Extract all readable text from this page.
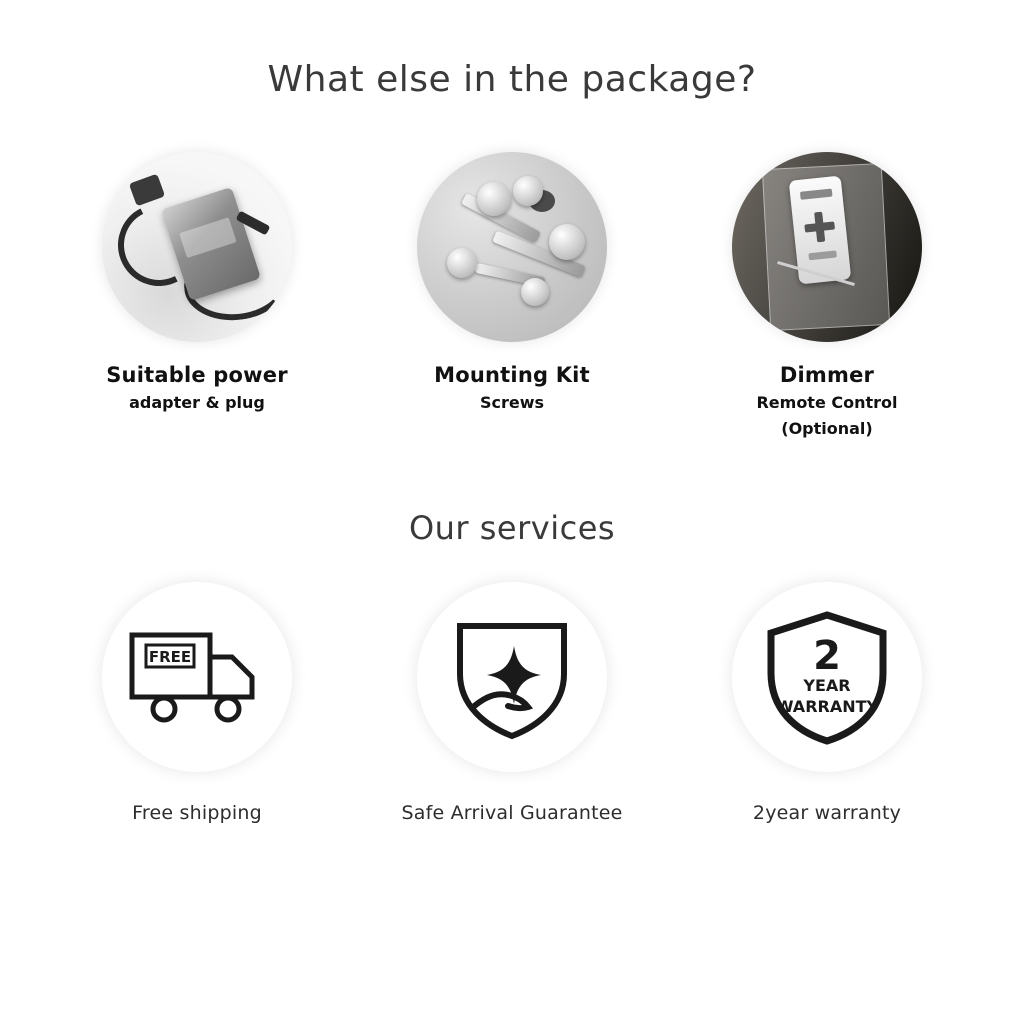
What else in the package?
Suitable power
adapter & plug
Mounting Kit
Screws
Dimmer
Remote Control
(Optional)
Our services
FREE
Free shipping	Safe Arrival Guarantee
2
YEAR
WARRANTY
2year warranty
